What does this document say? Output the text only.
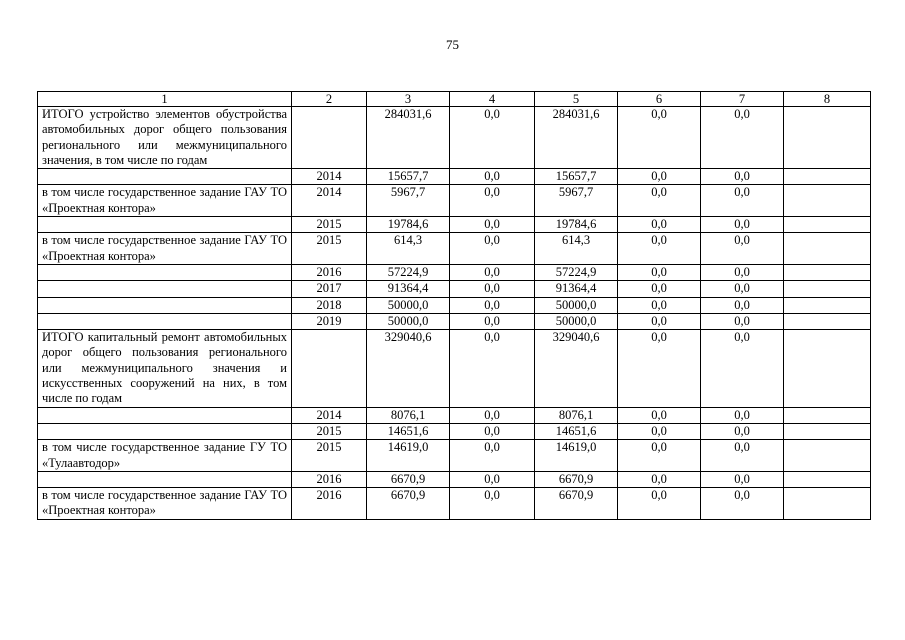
75
1	2	3	4	5	6	7	8
ИТОГО устройство элементов обустройства автомобильных дорог общего пользования регионального или межмуниципального значения, в том числе по годам		284031,6	0,0	284031,6	0,0	0,0	
	2014	15657,7	0,0	15657,7	0,0	0,0	
в том числе государственное задание ГАУ ТО «Проектная контора»	2014	5967,7	0,0	5967,7	0,0	0,0	
	2015	19784,6	0,0	19784,6	0,0	0,0	
в том числе государственное задание ГАУ ТО «Проектная контора»	2015	614,3	0,0	614,3	0,0	0,0	
	2016	57224,9	0,0	57224,9	0,0	0,0	
	2017	91364,4	0,0	91364,4	0,0	0,0	
	2018	50000,0	0,0	50000,0	0,0	0,0	
	2019	50000,0	0,0	50000,0	0,0	0,0	
ИТОГО капитальный ремонт автомобильных дорог общего пользования регионального или межмуниципального значения и искусственных сооружений на них, в том числе по годам		329040,6	0,0	329040,6	0,0	0,0	
	2014	8076,1	0,0	8076,1	0,0	0,0	
	2015	14651,6	0,0	14651,6	0,0	0,0	
в том числе государственное задание ГУ ТО «Тулаавтодор»	2015	14619,0	0,0	14619,0	0,0	0,0	
	2016	6670,9	0,0	6670,9	0,0	0,0	
в том числе государственное задание ГАУ ТО «Проектная контора»	2016	6670,9	0,0	6670,9	0,0	0,0	
